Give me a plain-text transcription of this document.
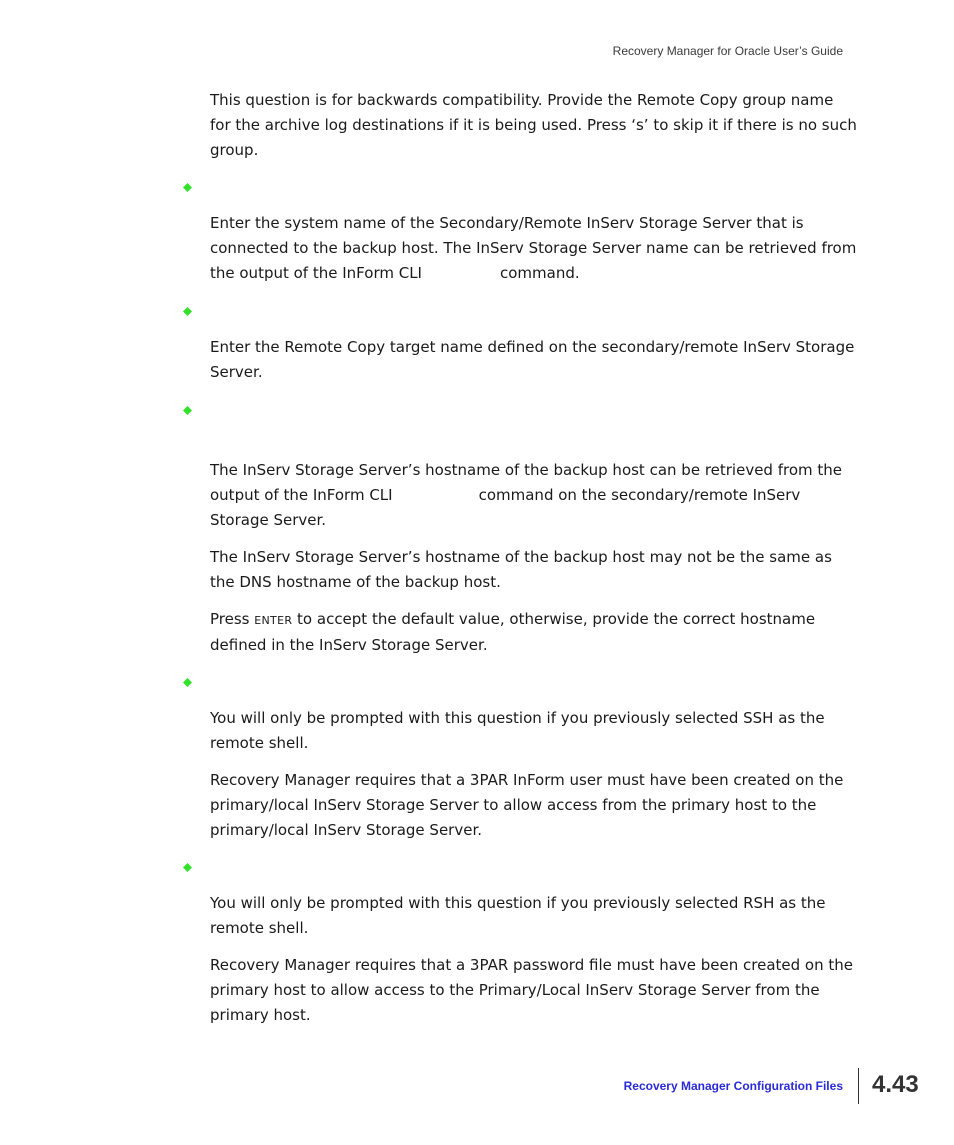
Recovery Manager for Oracle User’s Guide

This question is for backwards compatibility. Provide the Remote Copy group name for the archive log destinations if it is being used. Press ‘s’ to skip it if there is no such group.

Enter the system name of the Secondary/Remote InServ Storage Server that is connected to the backup host. The InServ Storage Server name can be retrieved from the output of the InForm CLI	command.

Enter the Remote Copy target name defined on the secondary/remote InServ Storage Server.

The InServ Storage Server’s hostname of the backup host can be retrieved from the output of the InForm CLI	command on the secondary/remote InServ Storage Server.

The InServ Storage Server’s hostname of the backup host may not be the same as the DNS hostname of the backup host.

Press ENTER to accept the default value, otherwise, provide the correct hostname defined in the InServ Storage Server.

You will only be prompted with this question if you previously selected SSH as the remote shell.

Recovery Manager requires that a 3PAR InForm user must have been created on the primary/local InServ Storage Server to allow access from the primary host to the primary/local InServ Storage Server.

You will only be prompted with this question if you previously selected RSH as the remote shell.

Recovery Manager requires that a 3PAR password file must have been created on the primary host to allow access to the Primary/Local InServ Storage Server from the primary host.

Recovery Manager Configuration Files 4.43
